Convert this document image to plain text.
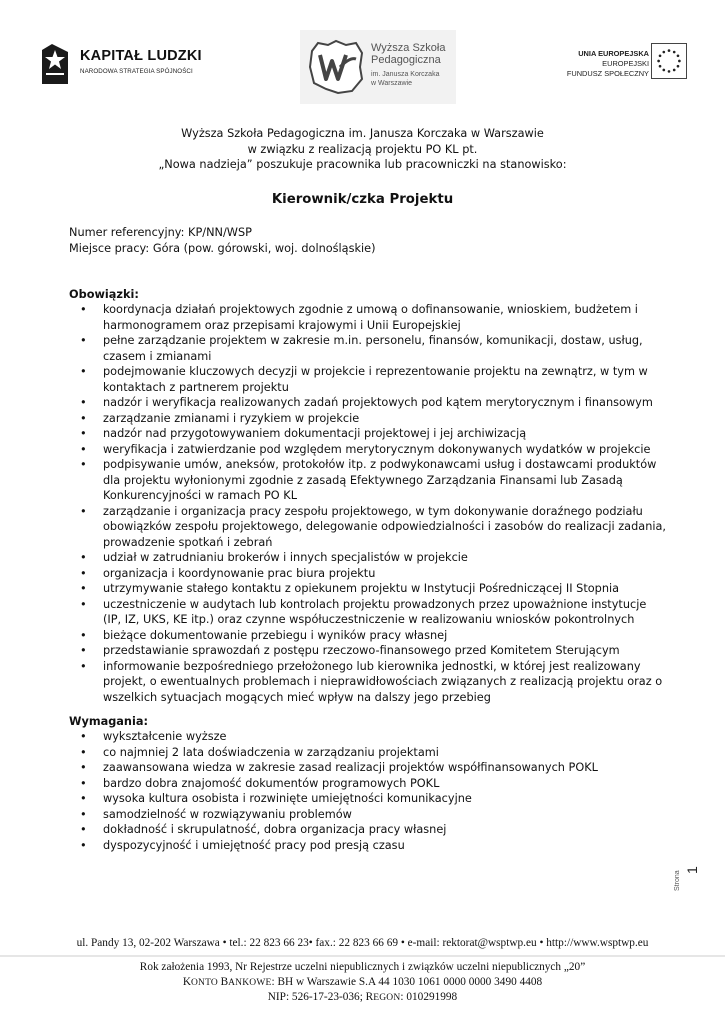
KAPITAŁ LUDZKI
NARODOWA STRATEGIA SPÓJNOŚCI
Wyższa Szkoła
Pedagogiczna
im. Janusza Korczaka
w Warszawie
UNIA EUROPEJSKA
EUROPEJSKI
FUNDUSZ SPOŁECZNY
Wyższa Szkoła Pedagogiczna im. Janusza Korczaka w Warszawie
w związku z realizacją projektu PO KL pt.
„Nowa nadzieja” poszukuje pracownika lub pracowniczki na stanowisko:
Kierownik/czka Projektu
Numer referencyjny: KP/NN/WSP
Miejsce pracy: Góra (pow. górowski, woj. dolnośląskie)
Obowiązki:
• koordynacja działań projektowych zgodnie z umową o dofinansowanie, wnioskiem, budżetem i
harmonogramem oraz przepisami krajowymi i Unii Europejskiej
• pełne zarządzanie projektem w zakresie m.in. personelu, finansów, komunikacji, dostaw, usług,
czasem i zmianami
• podejmowanie kluczowych decyzji w projekcie i reprezentowanie projektu na zewnątrz, w tym w
kontaktach z partnerem projektu
• nadzór i weryfikacja realizowanych zadań projektowych pod kątem merytorycznym i finansowym
• zarządzanie zmianami i ryzykiem w projekcie
• nadzór nad przygotowywaniem dokumentacji projektowej i jej archiwizacją
• weryfikacja i zatwierdzanie pod względem merytorycznym dokonywanych wydatków w projekcie
• podpisywanie umów, aneksów, protokołów itp. z podwykonawcami usług i dostawcami produktów
dla projektu wyłonionymi zgodnie z zasadą Efektywnego Zarządzania Finansami lub Zasadą
Konkurencyjności w ramach PO KL
• zarządzanie i organizacja pracy zespołu projektowego, w tym dokonywanie doraźnego podziału
obowiązków zespołu projektowego, delegowanie odpowiedzialności i zasobów do realizacji zadania,
prowadzenie spotkań i zebrań
• udział w zatrudnianiu brokerów i innych specjalistów w projekcie
• organizacja i koordynowanie prac biura projektu
• utrzymywanie stałego kontaktu z opiekunem projektu w Instytucji Pośredniczącej II Stopnia
• uczestniczenie w audytach lub kontrolach projektu prowadzonych przez upoważnione instytucje
(IP, IZ, UKS, KE itp.) oraz czynne współuczestniczenie w realizowaniu wniosków pokontrolnych
• bieżące dokumentowanie przebiegu i wyników pracy własnej
• przedstawianie sprawozdań z postępu rzeczowo-finansowego przed Komitetem Sterującym
• informowanie bezpośredniego przełożonego lub kierownika jednostki, w której jest realizowany
projekt, o ewentualnych problemach i nieprawidłowościach związanych z realizacją projektu oraz o
wszelkich sytuacjach mogących mieć wpływ na dalszy jego przebieg
Wymagania:
• wykształcenie wyższe
• co najmniej 2 lata doświadczenia w zarządzaniu projektami
• zaawansowana wiedza w zakresie zasad realizacji projektów współfinansowanych POKL
• bardzo dobra znajomość dokumentów programowych POKL
• wysoka kultura osobista i rozwinięte umiejętności komunikacyjne
• samodzielność w rozwiązywaniu problemów
• dokładność i skrupulatność, dobra organizacja pracy własnej
• dyspozycyjność i umiejętność pracy pod presją czasu
Strona
1
ul. Pandy 13, 02-202 Warszawa • tel.: 22 823 66 23• fax.: 22 823 66 69 • e-mail: rektorat@wsptwp.eu • http://www.wsptwp.eu
Rok założenia 1993, Nr Rejestrze uczelni niepublicznych i związków uczelni niepublicznych „20”
KONTO BANKOWE: BH w Warszawie S.A 44 1030 1061 0000 0000 3490 4408
NIP: 526-17-23-036; REGON: 010291998
